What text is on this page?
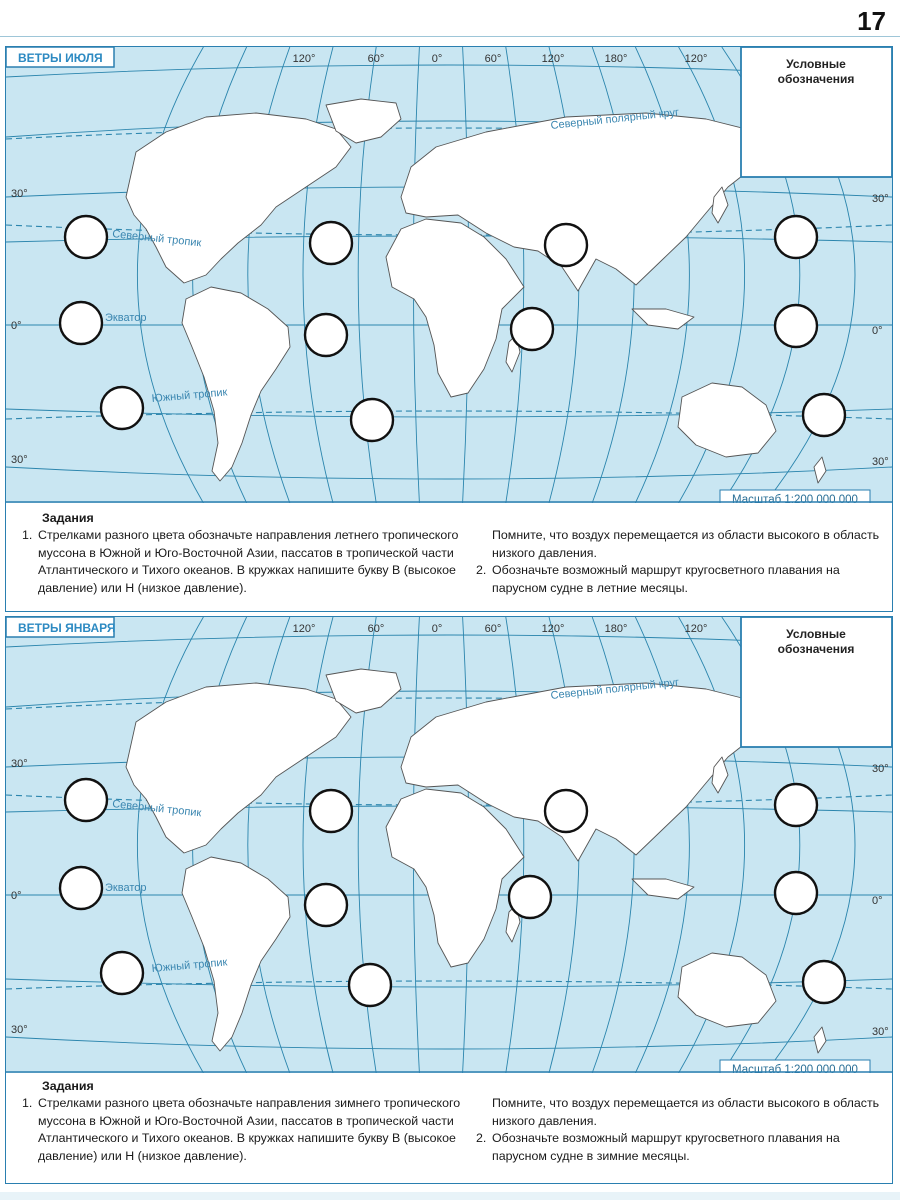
17
120°	60°	0°	60°	120°	180°	120°
30°
0°
30°
30°
0°
30°
Северный полярный круг
Северный тропик
Экватор
Южный тропик
ВЕТРЫ ИЮЛЯ	Условные
обозначения
Масштаб 1:200 000 000
Задания
1. Стрелками разного цвета обозначьте направления летнего тропического муссона в Южной и Юго-Восточной Азии, пассатов в тропической части Атлантического и Тихого океанов. В кружках напишите букву В (высокое давление) или Н (низкое давление).
Помните, что воздух перемещается из области высокого в область низкого давления.
2. Обозначьте возможный маршрут кругосветного плавания на парусном судне в летние месяцы.
120°	60°	0°	60°	120°	180°	120°
30°
0°
30°
30°
0°
30°
Северный полярный круг
Северный тропик
Экватор
Южный тропик
ВЕТРЫ ЯНВАРЯ	Условные
обозначения
Масштаб 1:200 000 000
Задания
1. Стрелками разного цвета обозначьте направления зимнего тропического муссона в Южной и Юго-Восточной Азии, пассатов в тропической части Атлантического и Тихого океанов. В кружках напишите букву В (высокое давление) или Н (низкое давление).
Помните, что воздух перемещается из области высокого в область низкого давления.
2. Обозначьте возможный маршрут кругосветного плавания на парусном судне в зимние месяцы.
